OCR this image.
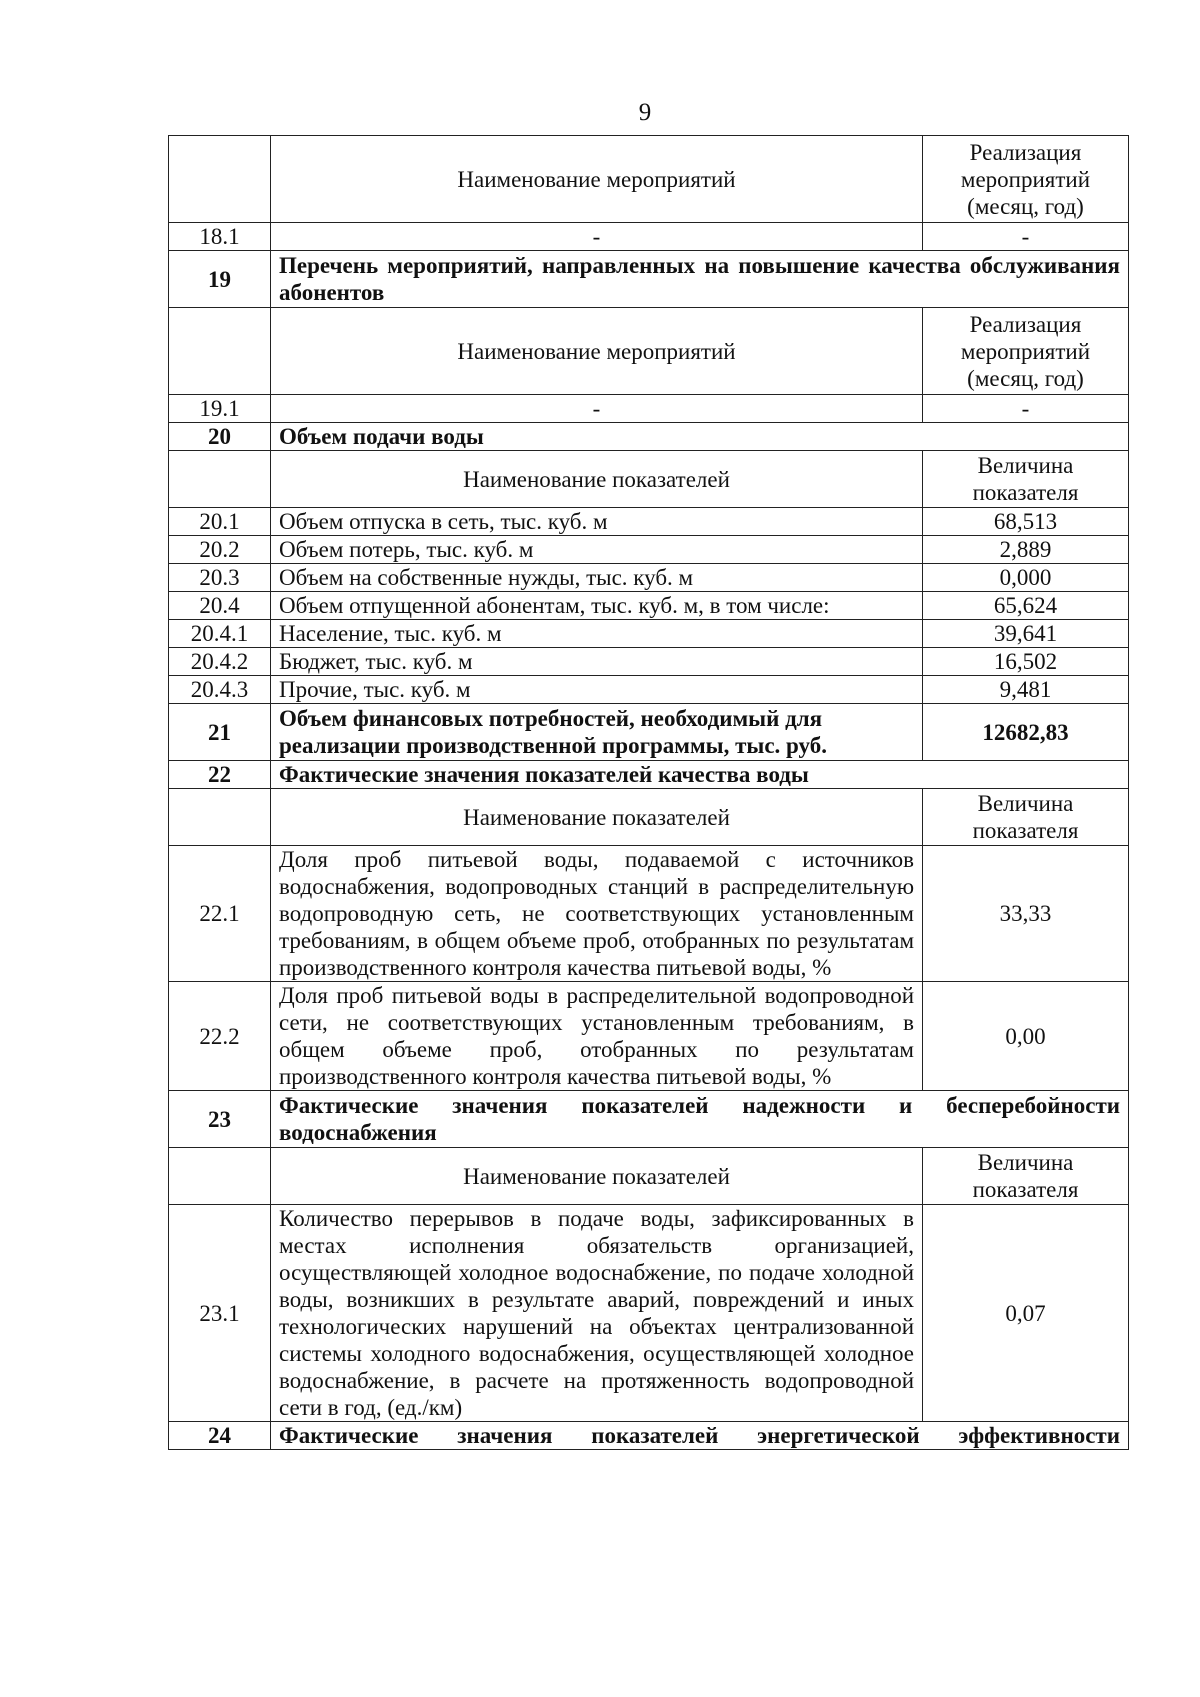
9
	Наименование мероприятий	Реализация мероприятий (месяц, год)
18.1	-	-
19	Перечень мероприятий, направленных на повышение качества обслуживания абонентов	
	Наименование мероприятий	Реализация мероприятий (месяц, год)
19.1	-	-
20	Объем подачи воды	
	Наименование показателей	Величина показателя
20.1	Объем отпуска в сеть, тыс. куб. м	68,513
20.2	Объем потерь, тыс. куб. м	2,889
20.3	Объем на собственные нужды, тыс. куб. м	0,000
20.4	Объем отпущенной абонентам, тыс. куб. м, в том числе:	65,624
20.4.1	Население, тыс. куб. м	39,641
20.4.2	Бюджет, тыс. куб. м	16,502
20.4.3	Прочие, тыс. куб. м	9,481
21	Объем финансовых потребностей, необходимый для реализации производственной программы, тыс. руб.	12682,83
22	Фактические значения показателей качества воды	
	Наименование показателей	Величина показателя
22.1	Доля проб питьевой воды, подаваемой с источников водоснабжения, водопроводных станций в распределительную водопроводную сеть, не соответствующих установленным требованиям, в общем объеме проб, отобранных по результатам производственного контроля качества питьевой воды, %	33,33
22.2	Доля проб питьевой воды в распределительной водопроводной сети, не соответствующих установленным требованиям, в общем объеме проб, отобранных по результатам производственного контроля качества питьевой воды, %	0,00
23	Фактические значения показателей надежности и бесперебойности водоснабжения	
	Наименование показателей	Величина показателя
23.1	Количество перерывов в подаче воды, зафиксированных в местах исполнения обязательств организацией, осуществляющей холодное водоснабжение, по подаче холодной воды, возникших в результате аварий, повреждений и иных технологических нарушений на объектах централизованной системы холодного водоснабжения, осуществляющей холодное водоснабжение, в расчете на протяженность водопроводной сети в год, (ед./км)	0,07
24	Фактические значения показателей энергетической эффективности	
